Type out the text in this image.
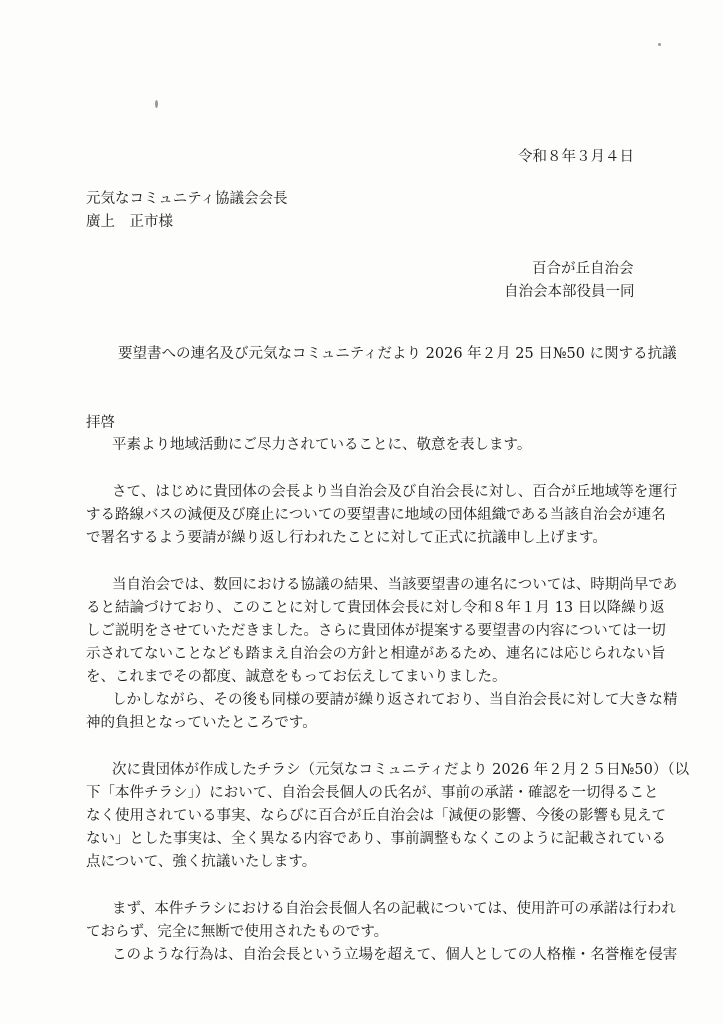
令和８年３月４日
元気なコミュニティ協議会会長
廣上　正市様
百合が丘自治会
自治会本部役員一同
要望書への連名及び元気なコミュニティだより 2026 年２月 25 日№50 に関する抗議
拝啓
平素より地域活動にご尽力されていることに、敬意を表します。
さて、はじめに貴団体の会長より当自治会及び自治会長に対し、百合が丘地域等を運行
する路線バスの減便及び廃止についての要望書に地域の団体組織である当該自治会が連名
で署名するよう要請が繰り返し行われたことに対して正式に抗議申し上げます。
当自治会では、数回における協議の結果、当該要望書の連名については、時期尚早であ
ると結論づけており、このことに対して貴団体会長に対し令和８年１月 13 日以降繰り返
しご説明をさせていただきました。さらに貴団体が提案する要望書の内容については一切
示されてないことなども踏まえ自治会の方針と相違があるため、連名には応じられない旨
を、これまでその都度、誠意をもってお伝えしてまいりました。
しかしながら、その後も同様の要請が繰り返されており、当自治会長に対して大きな精
神的負担となっていたところです。
次に貴団体が作成したチラシ（元気なコミュニティだより 2026 年２月２５日№50）（以
下「本件チラシ」）において、自治会長個人の氏名が、事前の承諾・確認を一切得ること
なく使用されている事実、ならびに百合が丘自治会は「減便の影響、今後の影響も見えて
ない」とした事実は、全く異なる内容であり、事前調整もなくこのように記載されている
点について、強く抗議いたします。
まず、本件チラシにおける自治会長個人名の記載については、使用許可の承諾は行われ
ておらず、完全に無断で使用されたものです。
このような行為は、自治会長という立場を超えて、個人としての人格権・名誉権を侵害
